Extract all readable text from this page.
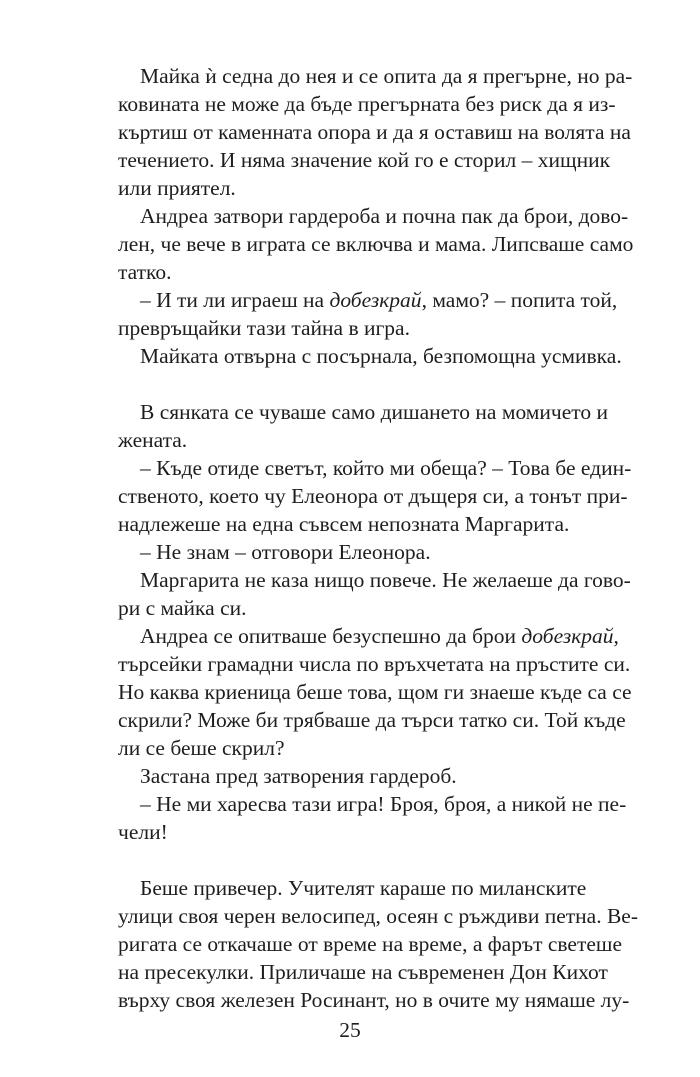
Майка ѝ седна до нея и се опита да я прегърне, но ра-
ковината не може да бъде прегърната без риск да я из-
къртиш от каменната опора и да я оставиш на волята на
течението. И няма значение кой го е сторил – хищник
или приятел.
Андреа затвори гардероба и почна пак да брои, дово-
лен, че вече в играта се включва и мама. Липсваше само
татко.
– И ти ли играеш на добезкрай, мамо? – попита той,
превръщайки тази тайна в игра.
Майката отвърна с посърнала, безпомощна усмивка.
В сянката се чуваше само дишането на момичето и
жената.
– Къде отиде светът, който ми обеща? – Това бе един-
ственото, което чу Елеонора от дъщеря си, а тонът при-
надлежеше на една съвсем непозната Маргарита.
– Не знам – отговори Елеонора.
Маргарита не каза нищо повече. Не желаеше да гово-
ри с майка си.
Андреа се опитваше безуспешно да брои добезкрай,
търсейки грамадни числа по връхчетата на пръстите си.
Но каква криеница беше това, щом ги знаеше къде са се
скрили? Може би трябваше да търси татко си. Той къде
ли се беше скрил?
Застана пред затворения гардероб.
– Не ми харесва тази игра! Броя, броя, а никой не пе-
чели!
Беше привечер. Учителят караше по миланските
улици своя черен велосипед, осеян с ръждиви петна. Ве-
ригата се откачаше от време на време, а фарът светеше
на пресекулки. Приличаше на съвременен Дон Кихот
върху своя железен Росинант, но в очите му нямаше лу-
25
